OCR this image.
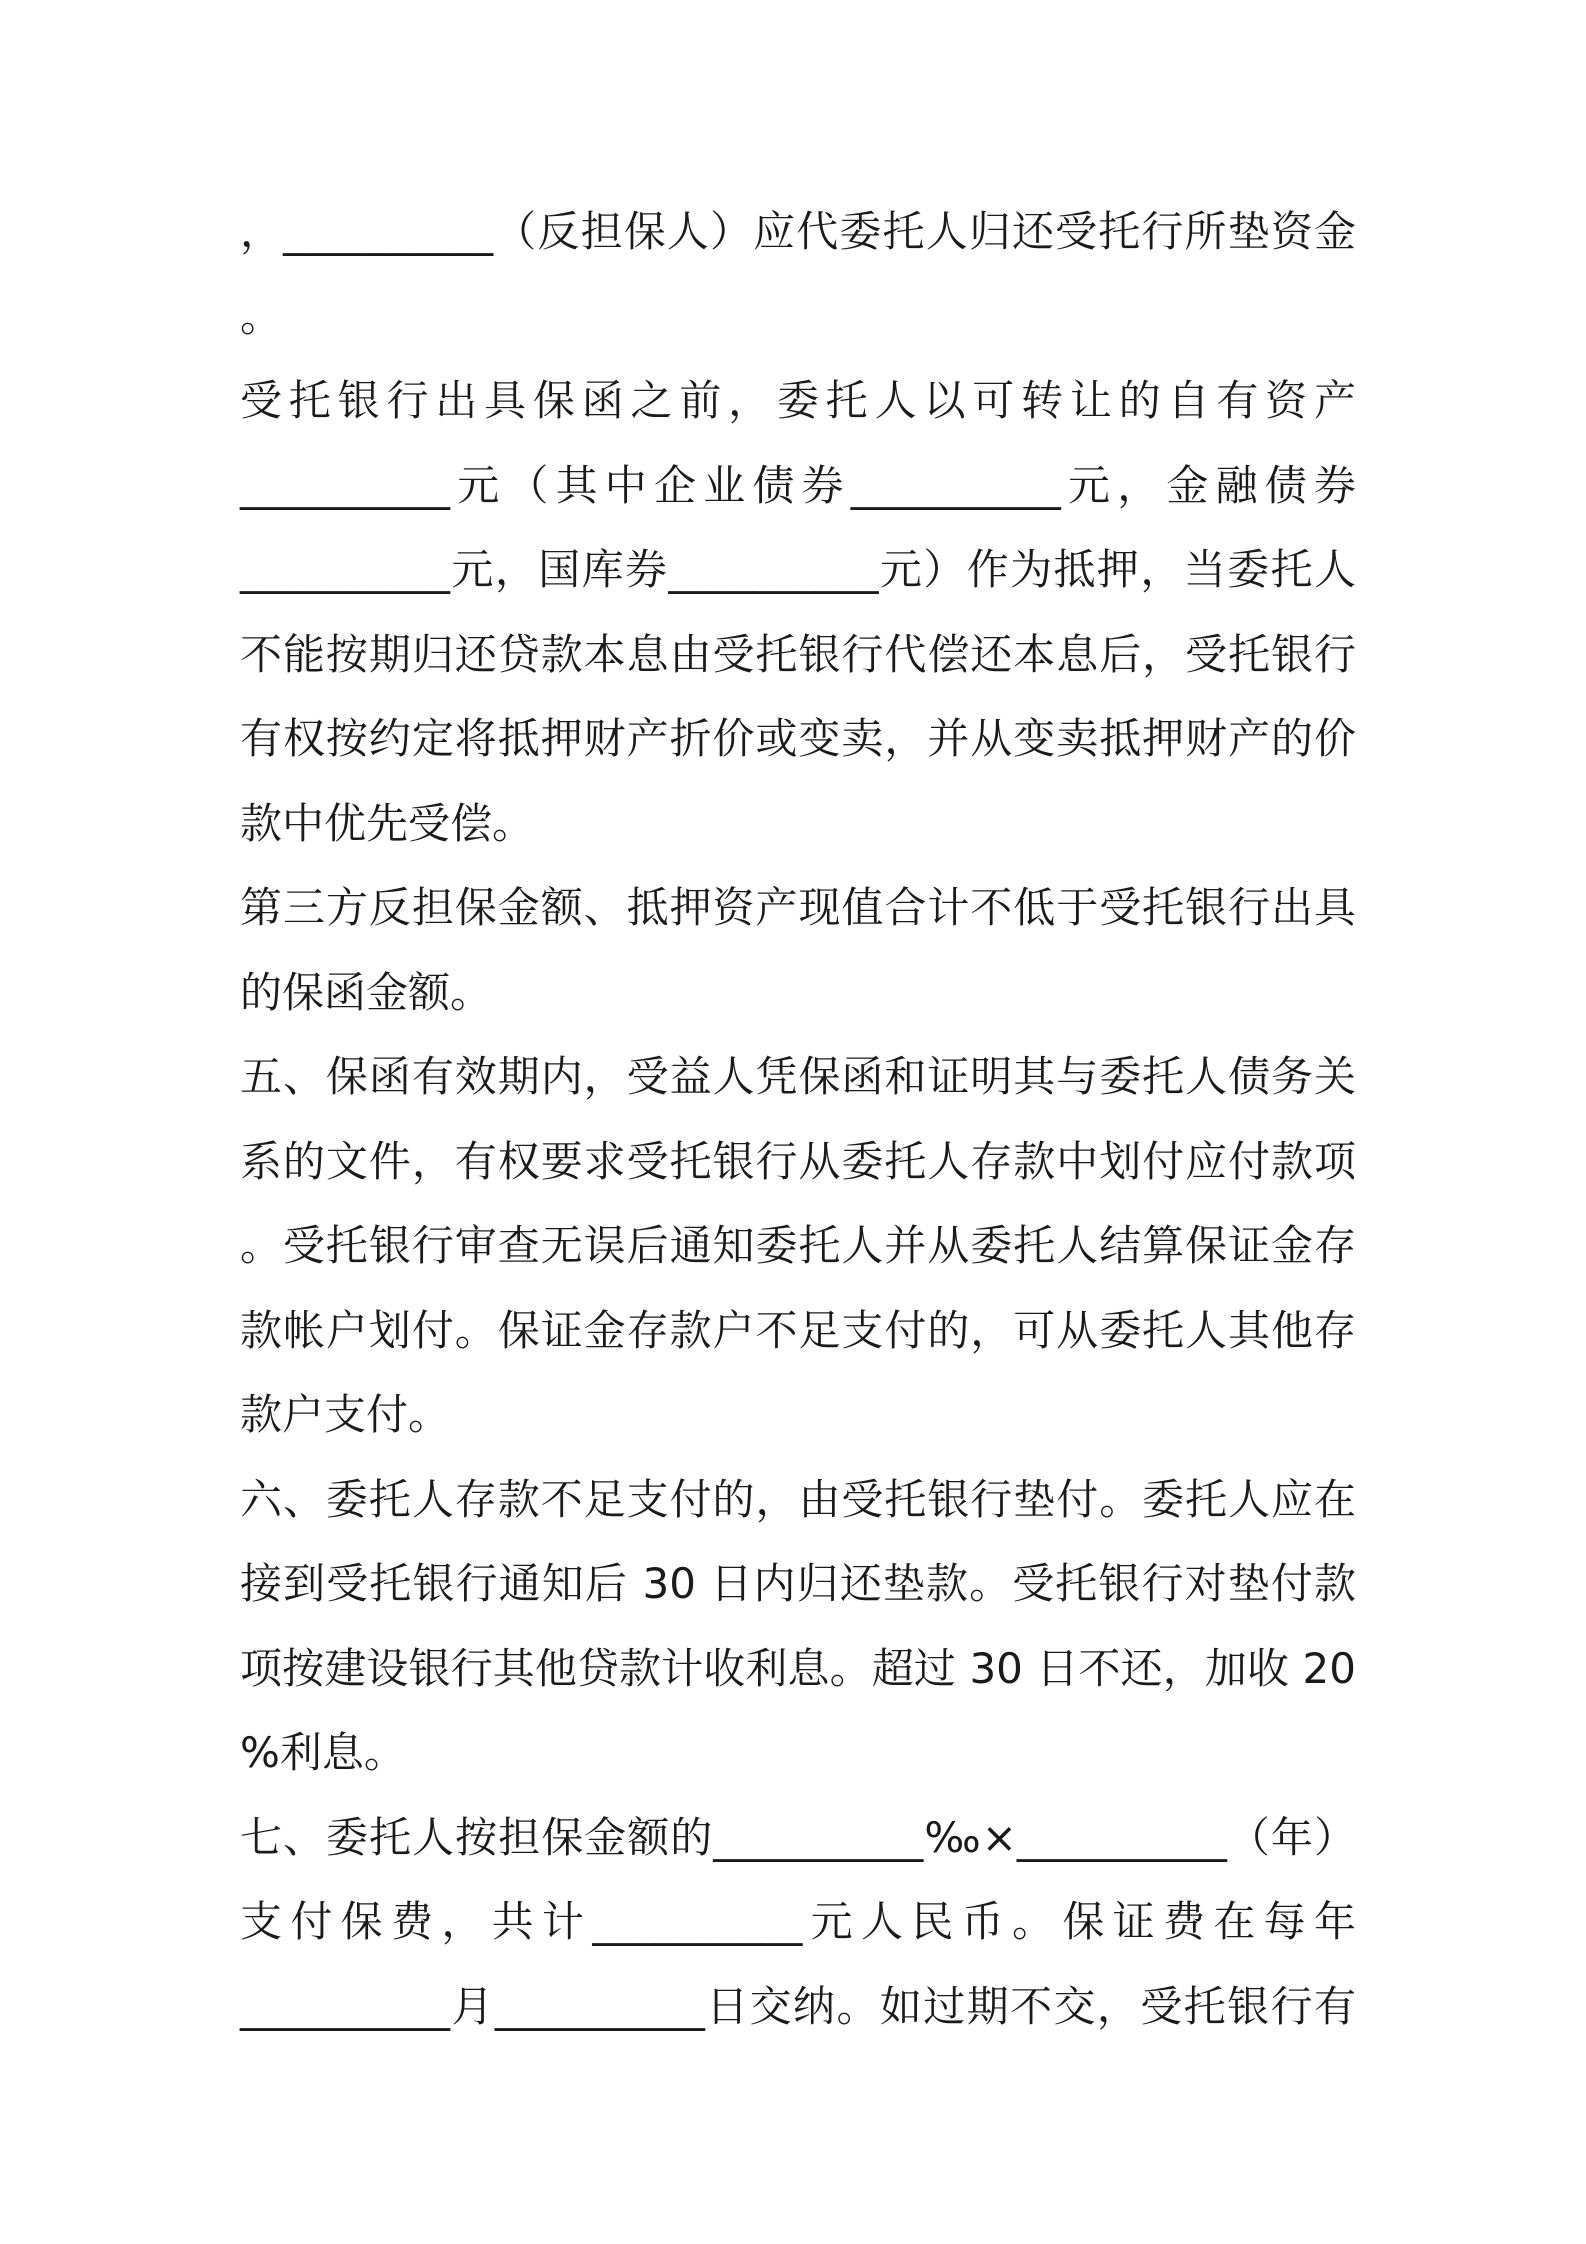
，__________（反担保人）应代委托人归还受托行所垫资金
。
受托银行出具保函之前，委托人以可转让的自有资产
__________元（其中企业债券__________元，金融债券
__________元，国库券__________元）作为抵押，当委托人
不能按期归还贷款本息由受托银行代偿还本息后，受托银行
有权按约定将抵押财产折价或变卖，并从变卖抵押财产的价
款中优先受偿。
第三方反担保金额、抵押资产现值合计不低于受托银行出具
的保函金额。
五、保函有效期内，受益人凭保函和证明其与委托人债务关
系的文件，有权要求受托银行从委托人存款中划付应付款项
。受托银行审查无误后通知委托人并从委托人结算保证金存
款帐户划付。保证金存款户不足支付的，可从委托人其他存
款户支付。
六、委托人存款不足支付的，由受托银行垫付。委托人应在
接到受托银行通知后 30 日内归还垫款。受托银行对垫付款
项按建设银行其他贷款计收利息。超过 30 日不还，加收 20
%利息。
七、委托人按担保金额的__________‰×__________（年）
支付保费，共计__________元人民币。保证费在每年
__________月__________日交纳。如过期不交，受托银行有
